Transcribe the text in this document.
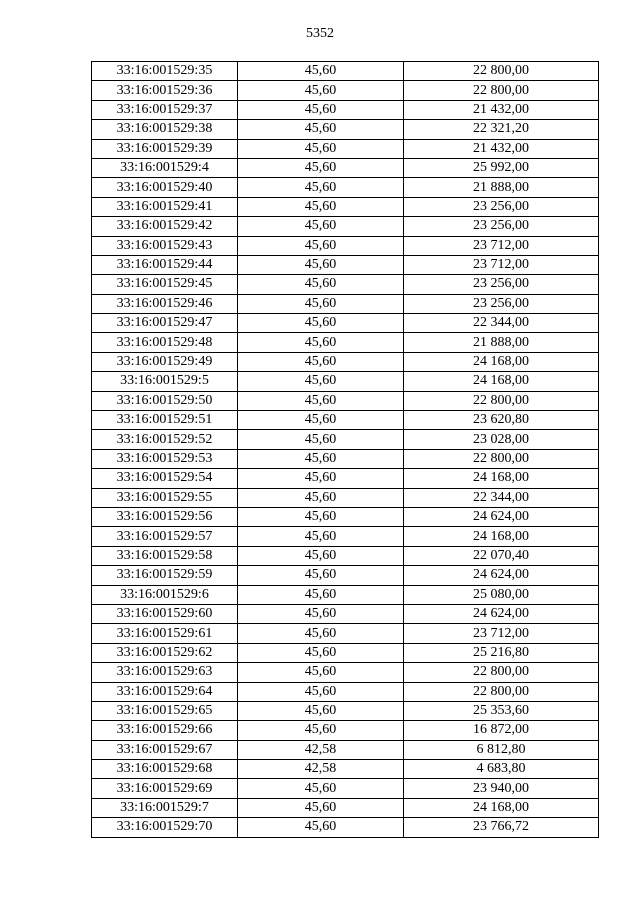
5352
33:16:001529:35	45,60	22 800,00
33:16:001529:36	45,60	22 800,00
33:16:001529:37	45,60	21 432,00
33:16:001529:38	45,60	22 321,20
33:16:001529:39	45,60	21 432,00
33:16:001529:4	45,60	25 992,00
33:16:001529:40	45,60	21 888,00
33:16:001529:41	45,60	23 256,00
33:16:001529:42	45,60	23 256,00
33:16:001529:43	45,60	23 712,00
33:16:001529:44	45,60	23 712,00
33:16:001529:45	45,60	23 256,00
33:16:001529:46	45,60	23 256,00
33:16:001529:47	45,60	22 344,00
33:16:001529:48	45,60	21 888,00
33:16:001529:49	45,60	24 168,00
33:16:001529:5	45,60	24 168,00
33:16:001529:50	45,60	22 800,00
33:16:001529:51	45,60	23 620,80
33:16:001529:52	45,60	23 028,00
33:16:001529:53	45,60	22 800,00
33:16:001529:54	45,60	24 168,00
33:16:001529:55	45,60	22 344,00
33:16:001529:56	45,60	24 624,00
33:16:001529:57	45,60	24 168,00
33:16:001529:58	45,60	22 070,40
33:16:001529:59	45,60	24 624,00
33:16:001529:6	45,60	25 080,00
33:16:001529:60	45,60	24 624,00
33:16:001529:61	45,60	23 712,00
33:16:001529:62	45,60	25 216,80
33:16:001529:63	45,60	22 800,00
33:16:001529:64	45,60	22 800,00
33:16:001529:65	45,60	25 353,60
33:16:001529:66	45,60	16 872,00
33:16:001529:67	42,58	6 812,80
33:16:001529:68	42,58	4 683,80
33:16:001529:69	45,60	23 940,00
33:16:001529:7	45,60	24 168,00
33:16:001529:70	45,60	23 766,72
